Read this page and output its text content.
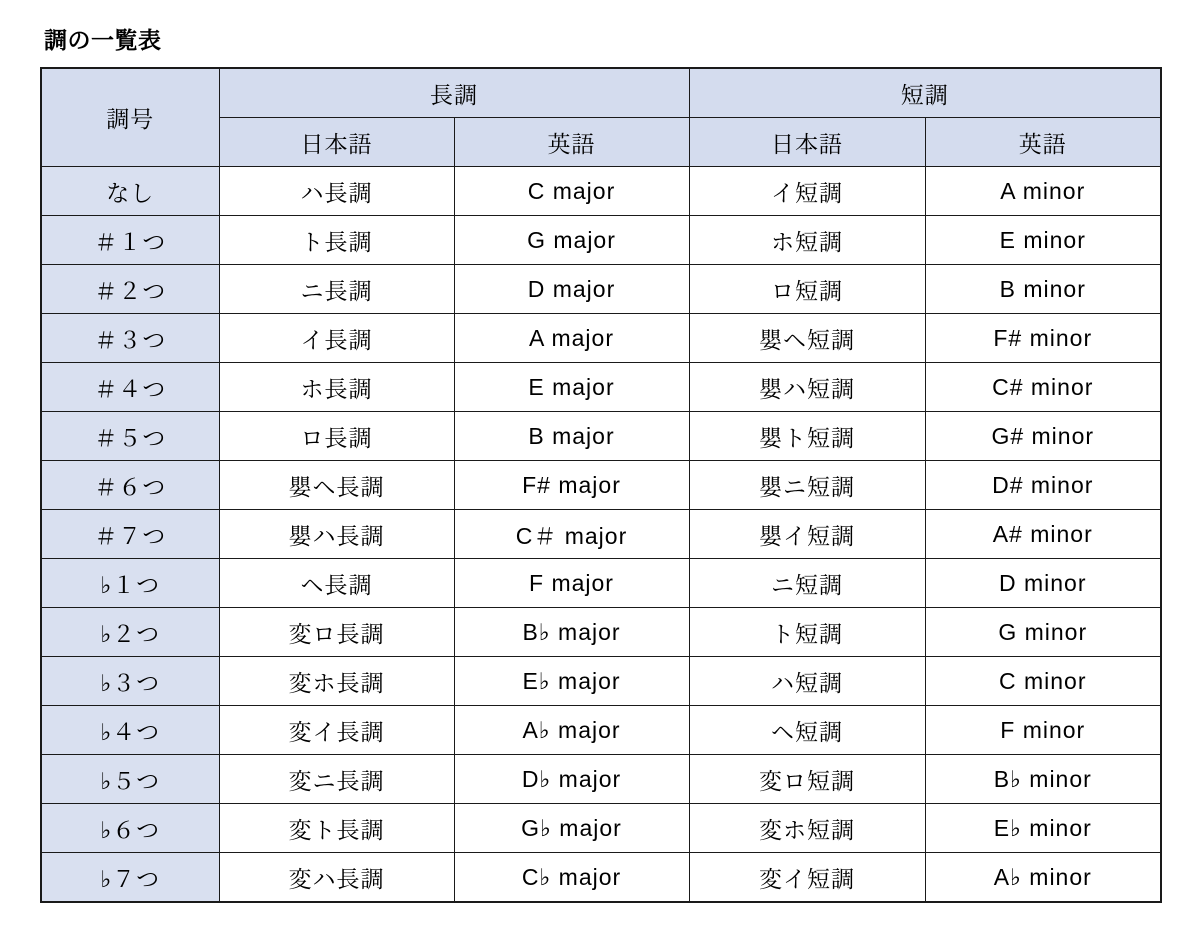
調の一覧表
調号	長調		短調	
	日本語	英語	日本語	英語
なし	ハ長調	C major	イ短調	A minor
＃１つ	ト長調	G major	ホ短調	E minor
＃２つ	ニ長調	D major	ロ短調	B minor
＃３つ	イ長調	A major	嬰ヘ短調	F# minor
＃４つ	ホ長調	E major	嬰ハ短調	C# minor
＃５つ	ロ長調	B major	嬰ト短調	G# minor
＃６つ	嬰ヘ長調	F# major	嬰ニ短調	D# minor
＃７つ	嬰ハ長調	C＃ major	嬰イ短調	A# minor
♭１つ	ヘ長調	F major	ニ短調	D minor
♭２つ	変ロ長調	B♭ major	ト短調	G minor
♭３つ	変ホ長調	E♭ major	ハ短調	C minor
♭４つ	変イ長調	A♭ major	ヘ短調	F minor
♭５つ	変ニ長調	D♭ major	変ロ短調	B♭ minor
♭６つ	変ト長調	G♭ major	変ホ短調	E♭ minor
♭７つ	変ハ長調	C♭ major	変イ短調	A♭ minor
